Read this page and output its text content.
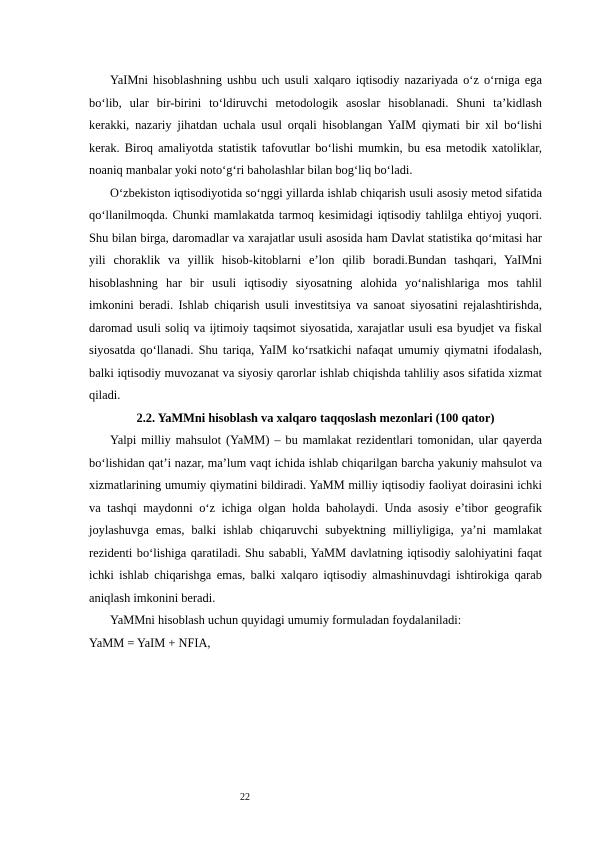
YaIMni hisoblashning ushbu uch usuli xalqaro iqtisodiy nazariyada o‘z o‘rniga ega bo‘lib, ular bir-birini to‘ldiruvchi metodologik asoslar hisoblanadi. Shuni ta’kidlash kerakki, nazariy jihatdan uchala usul orqali hisoblangan YaIM qiymati bir xil bo‘lishi kerak. Biroq amaliyotda statistik tafovutlar bo‘lishi mumkin, bu esa metodik xatoliklar, noaniq manbalar yoki noto‘g‘ri baholashlar bilan bog‘liq bo‘ladi.

O‘zbekiston iqtisodiyotida so‘nggi yillarda ishlab chiqarish usuli asosiy metod sifatida qo‘llanilmoqda. Chunki mamlakatda tarmoq kesimidagi iqtisodiy tahlilga ehtiyoj yuqori. Shu bilan birga, daromadlar va xarajatlar usuli asosida ham Davlat statistika qo‘mitasi har yili choraklik va yillik hisob-kitoblarni e’lon qilib boradi.Bundan tashqari, YaIMni hisoblashning har bir usuli iqtisodiy siyosatning alohida yo‘nalishlariga mos tahlil imkonini beradi. Ishlab chiqarish usuli investitsiya va sanoat siyosatini rejalashtirishda, daromad usuli soliq va ijtimoiy taqsimot siyosatida, xarajatlar usuli esa byudjet va fiskal siyosatda qo‘llanadi. Shu tariqa, YaIM ko‘rsatkichi nafaqat umumiy qiymatni ifodalash, balki iqtisodiy muvozanat va siyosiy qarorlar ishlab chiqishda tahliliy asos sifatida xizmat qiladi.

2.2. YaMMni hisoblash va xalqaro taqqoslash mezonlari (100 qator)

Yalpi milliy mahsulot (YaMM) – bu mamlakat rezidentlari tomonidan, ular qayerda bo‘lishidan qat’i nazar, ma’lum vaqt ichida ishlab chiqarilgan barcha yakuniy mahsulot va xizmatlarining umumiy qiymatini bildiradi. YaMM milliy iqtisodiy faoliyat doirasini ichki va tashqi maydonni o‘z ichiga olgan holda baholaydi. Unda asosiy e’tibor geografik joylashuvga emas, balki ishlab chiqaruvchi subyektning milliyligiga, ya’ni mamlakat rezidenti bo‘lishiga qaratiladi. Shu sababli, YaMM davlatning iqtisodiy salohiyatini faqat ichki ishlab chiqarishga emas, balki xalqaro iqtisodiy almashinuvdagi ishtirokiga qarab aniqlash imkonini beradi.

YaMMni hisoblash uchun quyidagi umumiy formuladan foydalaniladi:

YaMM = YaIM + NFIA,

22
